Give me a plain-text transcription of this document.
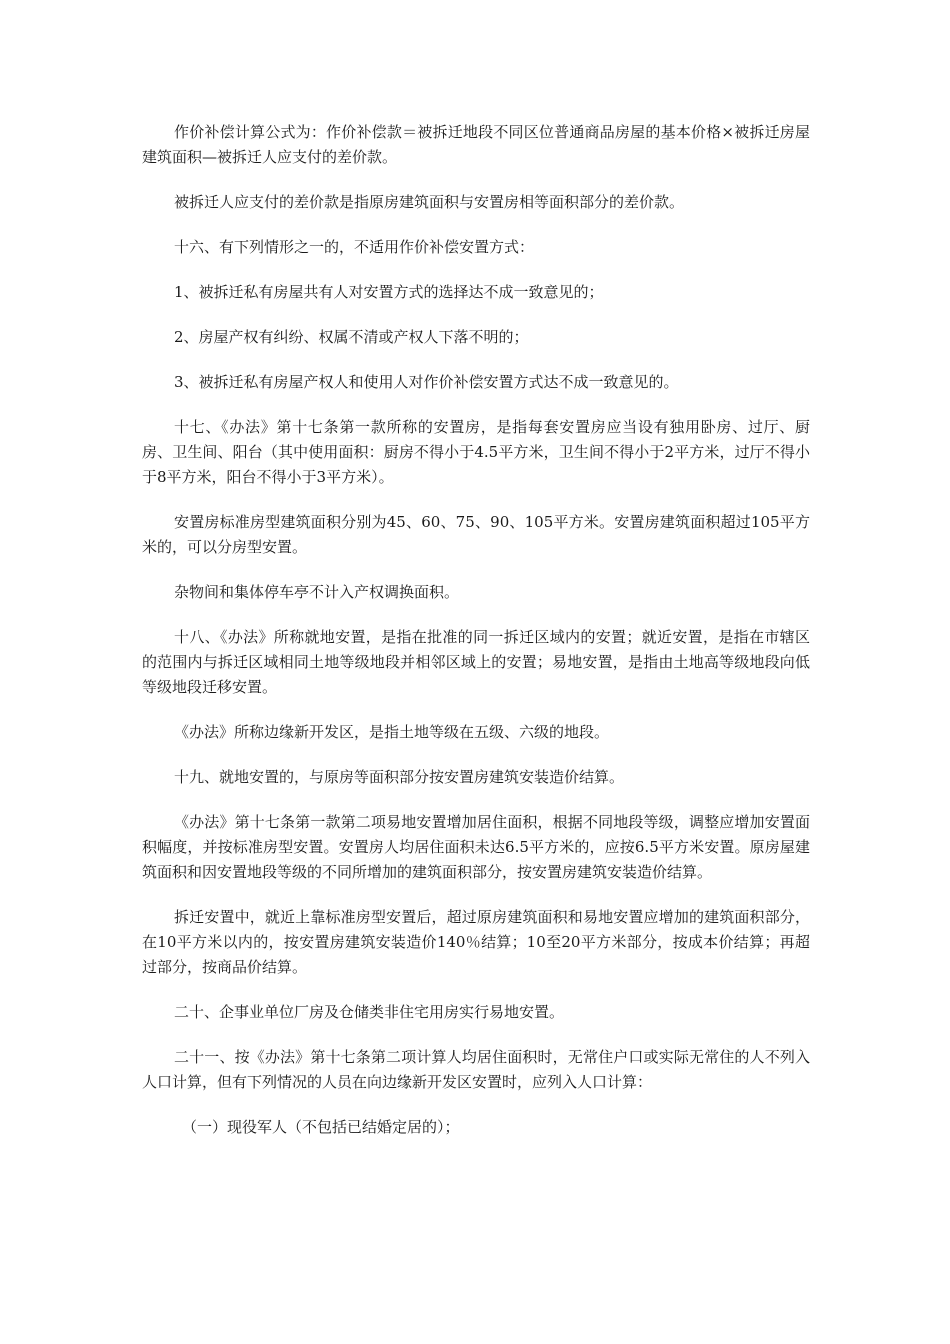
作价补偿计算公式为：作价补偿款＝被拆迁地段不同区位普通商品房屋的基本价格×被拆迁房屋建筑面积—被拆迁人应支付的差价款。

被拆迁人应支付的差价款是指原房建筑面积与安置房相等面积部分的差价款。

十六、有下列情形之一的，不适用作价补偿安置方式：

1、被拆迁私有房屋共有人对安置方式的选择达不成一致意见的；

2、房屋产权有纠纷、权属不清或产权人下落不明的；

3、被拆迁私有房屋产权人和使用人对作价补偿安置方式达不成一致意见的。

十七、《办法》第十七条第一款所称的安置房，是指每套安置房应当设有独用卧房、过厅、厨房、卫生间、阳台（其中使用面积：厨房不得小于4.5平方米，卫生间不得小于2平方米，过厅不得小于8平方米，阳台不得小于3平方米）。

安置房标准房型建筑面积分别为45、60、75、90、105平方米。安置房建筑面积超过105平方米的，可以分房型安置。

杂物间和集体停车亭不计入产权调换面积。

十八、《办法》所称就地安置，是指在批准的同一拆迁区域内的安置；就近安置，是指在市辖区的范围内与拆迁区域相同土地等级地段并相邻区域上的安置；易地安置，是指由土地高等级地段向低等级地段迁移安置。

《办法》所称边缘新开发区，是指土地等级在五级、六级的地段。

十九、就地安置的，与原房等面积部分按安置房建筑安装造价结算。

《办法》第十七条第一款第二项易地安置增加居住面积，根据不同地段等级，调整应增加安置面积幅度，并按标准房型安置。安置房人均居住面积未达6.5平方米的，应按6.5平方米安置。原房屋建筑面积和因安置地段等级的不同所增加的建筑面积部分，按安置房建筑安装造价结算。

拆迁安置中，就近上靠标准房型安置后，超过原房建筑面积和易地安置应增加的建筑面积部分，在10平方米以内的，按安置房建筑安装造价140％结算；10至20平方米部分，按成本价结算；再超过部分，按商品价结算。

二十、企事业单位厂房及仓储类非住宅用房实行易地安置。

二十一、按《办法》第十七条第二项计算人均居住面积时，无常住户口或实际无常住的人不列入人口计算，但有下列情况的人员在向边缘新开发区安置时，应列入人口计算：

（一）现役军人（不包括已结婚定居的）；
